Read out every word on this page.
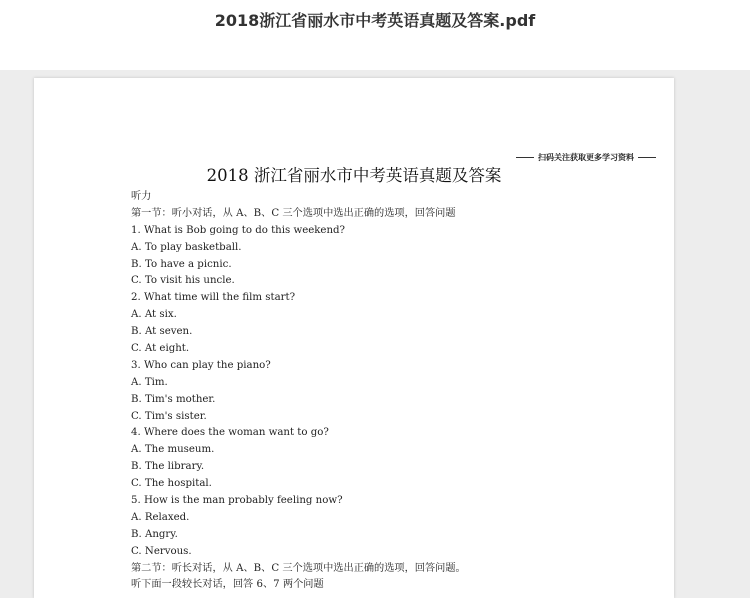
2018浙江省丽水市中考英语真题及答案.pdf
扫码关注获取更多学习资料
2018 浙江省丽水市中考英语真题及答案
听力
第一节：听小对话，从 A、B、C 三个选项中选出正确的选项，回答问题
1. What is Bob going to do this weekend?
A. To play basketball.
B. To have a picnic.
C. To visit his uncle.
2. What time will the film start?
A. At six.
B. At seven.
C. At eight.
3. Who can play the piano?
A. Tim.
B. Tim's mother.
C. Tim's sister.
4. Where does the woman want to go?
A. The museum.
B. The library.
C. The hospital.
5. How is the man probably feeling now?
A. Relaxed.
B. Angry.
C. Nervous.
第二节：听长对话，从 A、B、C 三个选项中选出正确的选项，回答问题。
听下面一段较长对话，回答 6、7 两个问题
